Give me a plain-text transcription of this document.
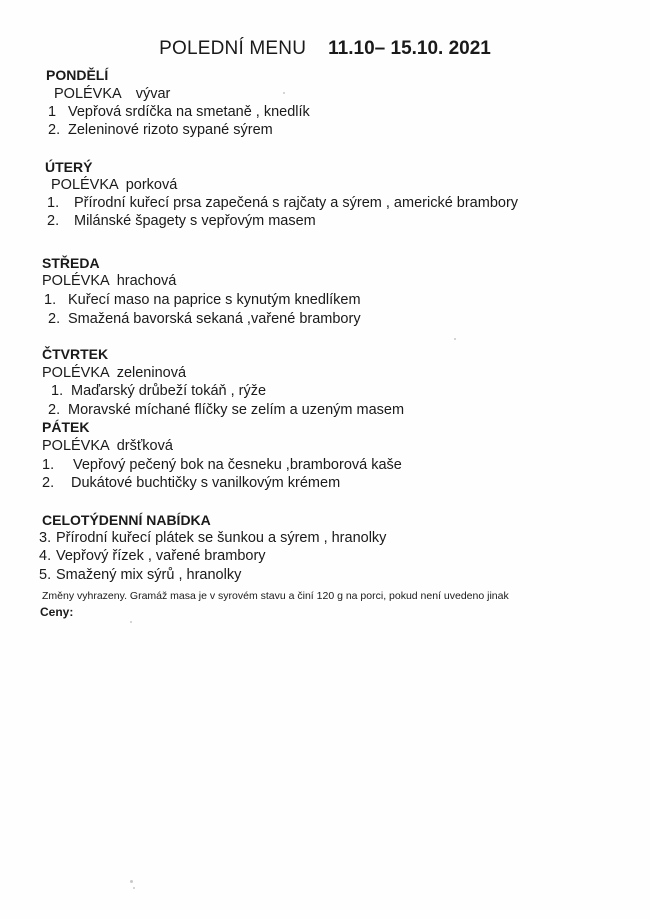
POLEDNÍ MENU 11.10– 15.10. 2021
PONDĚLÍ
POLÉVKA vývar
1 Vepřová srdíčka na smetaně , knedlík
2. Zeleninové rizoto sypané sýrem
ÚTERÝ
POLÉVKA porková
1. Přírodní kuřecí prsa zapečená s rajčaty a sýrem , americké brambory
2. Milánské špagety s vepřovým masem
STŘEDA
POLÉVKA hrachová
1. Kuřecí maso na paprice s kynutým knedlíkem
2. Smažená bavorská sekaná ,vařené brambory
ČTVRTEK
POLÉVKA zeleninová
1. Maďarský drůbeží tokáň , rýže
2. Moravské míchané flíčky se zelím a uzeným masem
PÁTEK
POLÉVKA dršťková
1. Vepřový pečený bok na česneku ,bramborová kaše
2. Dukátové buchtičky s vanilkovým krémem
CELOTÝDENNÍ NABÍDKA
3. Přírodní kuřecí plátek se šunkou a sýrem , hranolky
4. Vepřový řízek , vařené brambory
5. Smažený mix sýrů , hranolky
Změny vyhrazeny. Gramáž masa je v syrovém stavu a činí 120 g na porci, pokud není uvedeno jinak
Ceny:
